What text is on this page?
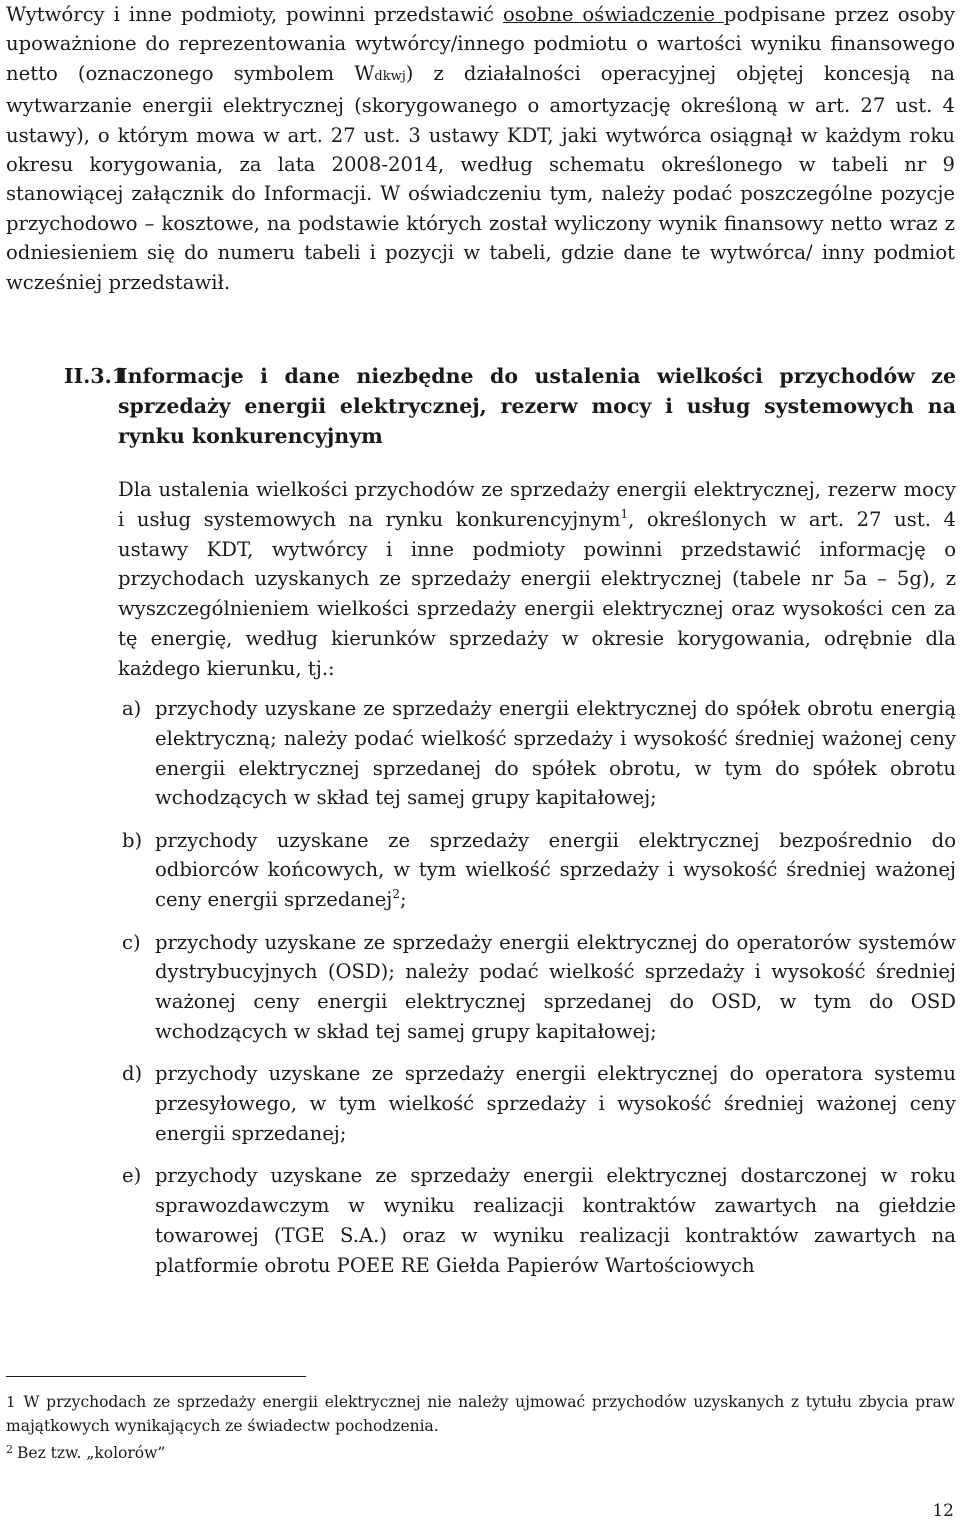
Wytwórcy i inne podmioty, powinni przedstawić osobne oświadczenie podpisane przez osoby upoważnione do reprezentowania wytwórcy/innego podmiotu o wartości wyniku finansowego netto (oznaczonego symbolem Wdkwj) z działalności operacyjnej objętej koncesją na wytwarzanie energii elektrycznej (skorygowanego o amortyzację określoną w art. 27 ust. 4 ustawy), o którym mowa w art. 27 ust. 3 ustawy KDT, jaki wytwórca osiągnął w każdym roku okresu korygowania, za lata 2008-2014, według schematu określonego w tabeli nr 9 stanowiącej załącznik do Informacji. W oświadczeniu tym, należy podać poszczególne pozycje przychodowo – kosztowe, na podstawie których został wyliczony wynik finansowy netto wraz z odniesieniem się do numeru tabeli i pozycji w tabeli, gdzie dane te wytwórca/ inny podmiot wcześniej przedstawił.

II.3.1
Informacje i dane niezbędne do ustalenia wielkości przychodów ze sprzedaży energii elektrycznej, rezerw mocy i usług systemowych na rynku konkurencyjnym

Dla ustalenia wielkości przychodów ze sprzedaży energii elektrycznej, rezerw mocy i usług systemowych na rynku konkurencyjnym$^1$, określonych w art. 27 ust. 4 ustawy KDT, wytwórcy i inne podmioty powinni przedstawić informację o przychodach uzyskanych ze sprzedaży energii elektrycznej (tabele nr 5a – 5g), z wyszczególnieniem wielkości sprzedaży energii elektrycznej oraz wysokości cen za tę energię, według kierunków sprzedaży w okresie korygowania, odrębnie dla każdego kierunku, tj.:

a) przychody uzyskane ze sprzedaży energii elektrycznej do spółek obrotu energią elektryczną; należy podać wielkość sprzedaży i wysokość średniej ważonej ceny energii elektrycznej sprzedanej do spółek obrotu, w tym do spółek obrotu wchodzących w skład tej samej grupy kapitałowej;
b) przychody uzyskane ze sprzedaży energii elektrycznej bezpośrednio do odbiorców końcowych, w tym wielkość sprzedaży i wysokość średniej ważonej ceny energii sprzedanej$^2$;
c) przychody uzyskane ze sprzedaży energii elektrycznej do operatorów systemów dystrybucyjnych (OSD); należy podać wielkość sprzedaży i wysokość średniej ważonej ceny energii elektrycznej sprzedanej do OSD, w tym do OSD wchodzących w skład tej samej grupy kapitałowej;
d) przychody uzyskane ze sprzedaży energii elektrycznej do operatora systemu przesyłowego, w tym wielkość sprzedaży i wysokość średniej ważonej ceny energii sprzedanej;
e) przychody uzyskane ze sprzedaży energii elektrycznej dostarczonej w roku sprawozdawczym w wyniku realizacji kontraktów zawartych na giełdzie towarowej (TGE S.A.) oraz w wyniku realizacji kontraktów zawartych na platformie obrotu POEE RE Giełda Papierów Wartościowych

1 W przychodach ze sprzedaży energii elektrycznej nie należy ujmować przychodów uzyskanych z tytułu zbycia praw majątkowych wynikających ze świadectw pochodzenia.

$^2$ Bez tzw. „kolorów”

12
